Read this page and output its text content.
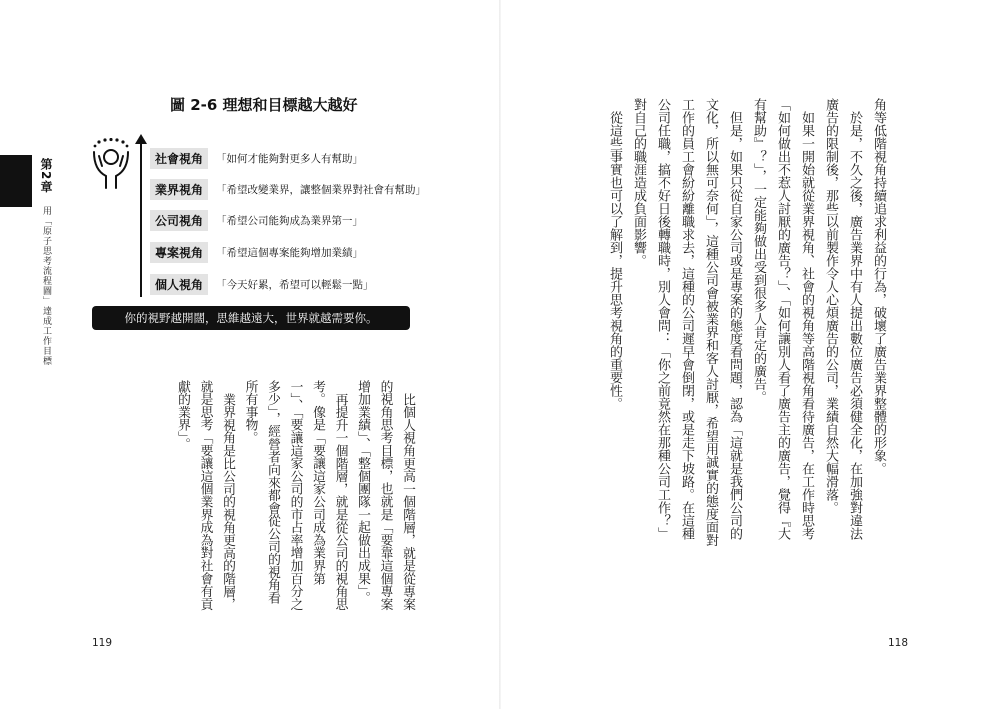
第2章
用「原子思考流程圖」達成工作目標
圖 2-6 理想和目標越大越好
社會視角	「如何才能夠對更多人有幫助」
業界視角	「希望改變業界，讓整個業界對社會有幫助」
公司視角	「希望公司能夠成為業界第一」
專案視角	「希望這個專案能夠增加業績」
個人視角	「今天好累，希望可以輕鬆一點」
你的視野越開闊，思維越遠大，世界就越需要你。

比個人視角更高一個階層，就是從專案的視角思考目標，也就是「要靠這個專案增加業績」、「整個團隊一起做出成果」。

再提升一個階層，就是從公司的視角思考。像是「要讓這家公司成為業界第一」、「要讓這家公司的市占率增加百分之多少」，經營者向來都會從公司的視角看所有事物。

業界視角是比公司的視角更高的階層，就是思考「要讓這個業界成為對社會有貢獻的業界」。	角等低階視角持續追求利益的行為，破壞了廣告業界整體的形象。

於是，不久之後，廣告業界中有人提出數位廣告必須健全化，在加強對違法廣告的限制後，那些以前製作令人心煩廣告的公司，業績自然大幅滑落。

如果一開始就從業界視角、社會的視角等高階視角看待廣告，在工作時思考「如何做出不惹人討厭的廣告？」、「如何讓別人看了廣告主的廣告，覺得『大有幫助』？」，一定能夠做出受到很多人肯定的廣告。

但是，如果只從自家公司或是專案的態度看問題，認為「這就是我們公司的文化，所以無可奈何」，這種公司會被業界和客人討厭，希望用誠實的態度面對工作的員工會紛紛離職求去，這種的公司遲早會倒閉，或是走下坡路。在這種公司任職，搞不好日後轉職時，別人會問：「你之前竟然在那種公司工作？」對自己的職涯造成負面影響。

從這些事實也可以了解到，提升思考視角的重要性。

119	118
